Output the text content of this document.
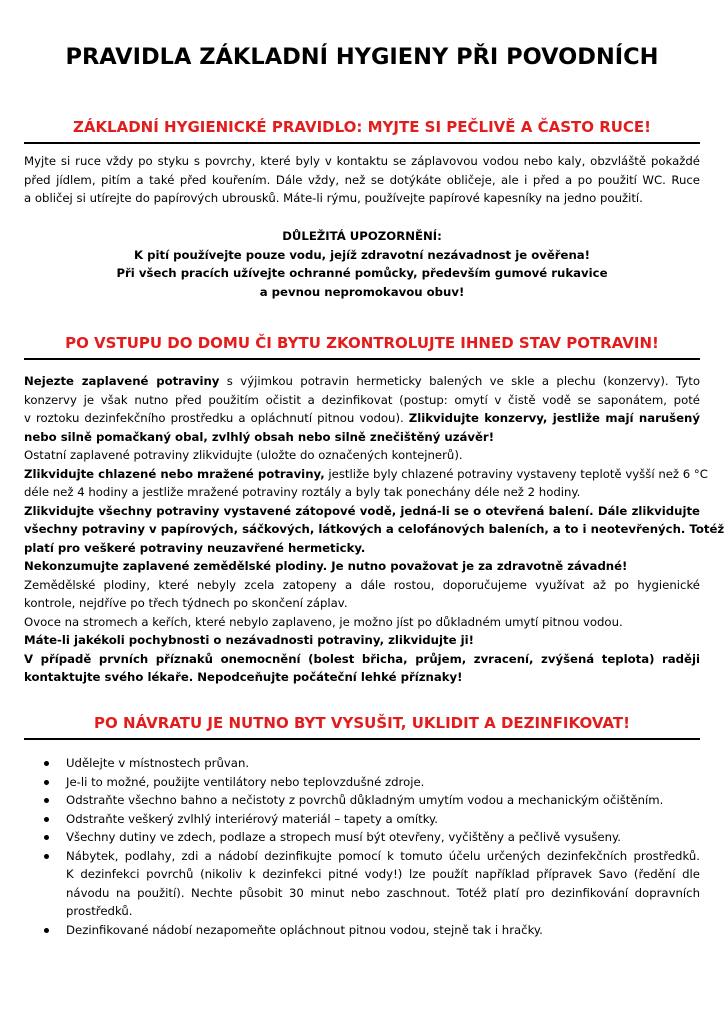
PRAVIDLA ZÁKLADNÍ HYGIENY PŘI POVODNÍCH
ZÁKLADNÍ HYGIENICKÉ PRAVIDLO: MYJTE SI PEČLIVĚ A ČASTO RUCE!
Myjte si ruce vždy po styku s povrchy, které byly v kontaktu se záplavovou vodou nebo kaly, obzvláště pokaždé
před jídlem, pitím a také před kouřením. Dále vždy, než se dotýkáte obličeje, ale i před a po použití WC. Ruce
a obličej si utírejte do papírových ubrousků. Máte-li rýmu, používejte papírové kapesníky na jedno použití.
DŮLEŽITÁ UPOZORNĚNÍ:
K pití používejte pouze vodu, jejíž zdravotní nezávadnost je ověřena!
Při všech pracích užívejte ochranné pomůcky, především gumové rukavice
a pevnou nepromokavou obuv!
PO VSTUPU DO DOMU ČI BYTU ZKONTROLUJTE IHNED STAV POTRAVIN!
Nejezte zaplavené potraviny s výjimkou potravin hermeticky balených ve skle a plechu (konzervy). Tyto
konzervy je však nutno před použitím očistit a dezinfikovat (postup: omytí v čistě vodě se saponátem, poté
v roztoku dezinfekčního prostředku a opláchnutí pitnou vodou). Zlikvidujte konzervy, jestliže mají narušený
nebo silně pomačkaný obal, zvlhlý obsah nebo silně znečištěný uzávěr!
Ostatní zaplavené potraviny zlikvidujte (uložte do označených kontejnerů).
Zlikvidujte chlazené nebo mražené potraviny, jestliže byly chlazené potraviny vystaveny teplotě vyšší než 6 °C
déle než 4 hodiny a jestliže mražené potraviny roztály a byly tak ponechány déle než 2 hodiny.
Zlikvidujte všechny potraviny vystavené zátopové vodě, jedná-li se o otevřená balení. Dále zlikvidujte
všechny potraviny v papírových, sáčkových, látkových a celofánových baleních, a to i neotevřených. Totéž
platí pro veškeré potraviny neuzavřené hermeticky.
Nekonzumujte zaplavené zemědělské plodiny. Je nutno považovat je za zdravotně závadné!
Zemědělské plodiny, které nebyly zcela zatopeny a dále rostou, doporučujeme využívat až po hygienické
kontrole, nejdříve po třech týdnech po skončení záplav.
Ovoce na stromech a keřích, které nebylo zaplaveno, je možno jíst po důkladném umytí pitnou vodou.
Máte-li jakékoli pochybnosti o nezávadnosti potraviny, zlikvidujte ji!
V případě prvních příznaků onemocnění (bolest břicha, průjem, zvracení, zvýšená teplota) raději
kontaktujte svého lékaře. Nepodceňujte počáteční lehké příznaky!
PO NÁVRATU JE NUTNO BYT VYSUŠIT, UKLIDIT A DEZINFIKOVAT!
Udělejte v místnostech průvan.
Je-li to možné, použijte ventilátory nebo teplovzdušné zdroje.
Odstraňte všechno bahno a nečistoty z povrchů důkladným umytím vodou a mechanickým očištěním.
Odstraňte veškerý zvlhlý interiérový materiál – tapety a omítky.
Všechny dutiny ve zdech, podlaze a stropech musí být otevřeny, vyčištěny a pečlivě vysušeny.
Nábytek, podlahy, zdi a nádobí dezinfikujte pomocí k tomuto účelu určených dezinfekčních prostředků.
K dezinfekci povrchů (nikoliv k dezinfekci pitné vody!) lze použít například přípravek Savo (ředění dle
návodu na použití). Nechte působit 30 minut nebo zaschnout. Totéž platí pro dezinfikování dopravních
prostředků.
Dezinfikované nádobí nezapomeňte opláchnout pitnou vodou, stejně tak i hračky.
